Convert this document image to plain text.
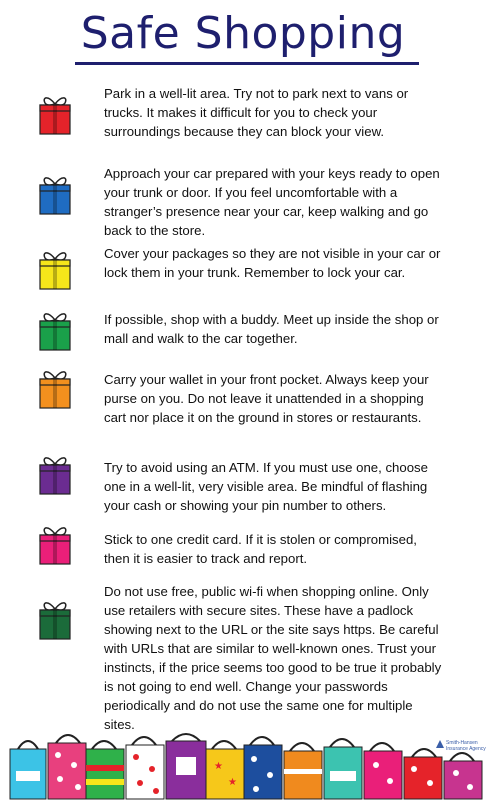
Safe Shopping
Park in a well-lit area. Try not to park next to vans or trucks. It makes it difficult for you to check your surroundings because they can block your view.
Approach your car prepared with your keys ready to open your trunk or door. If you feel uncomfortable with a stranger’s presence near your car, keep walking and go back to the store.
Cover your packages so they are not visible in your car or lock them in your trunk. Remember to lock your car.
If possible, shop with a buddy. Meet up inside the shop or mall and walk to the car together.
Carry your wallet in your front pocket. Always keep your purse on you. Do not leave it unattended in a shopping cart nor place it on the ground in stores or restaurants.
Try to avoid using an ATM. If you must use one, choose one in a well-lit, very visible area. Be mindful of flashing your cash or showing your pin number to others.
Stick to one credit card. If it is stolen or compromised, then it is easier to track and report.
Do not use free, public wi-fi when shopping online. Only use retailers with secure sites. These have a padlock showing next to the URL or the site says https. Be careful with URLs that are similar to well-known ones. Trust your instincts, if the price seems too good to be true it probably is not going to end well. Change your passwords periodically and do not use the same one for multiple sites.
★
★
Smith-Hansen
Insurance Agency
